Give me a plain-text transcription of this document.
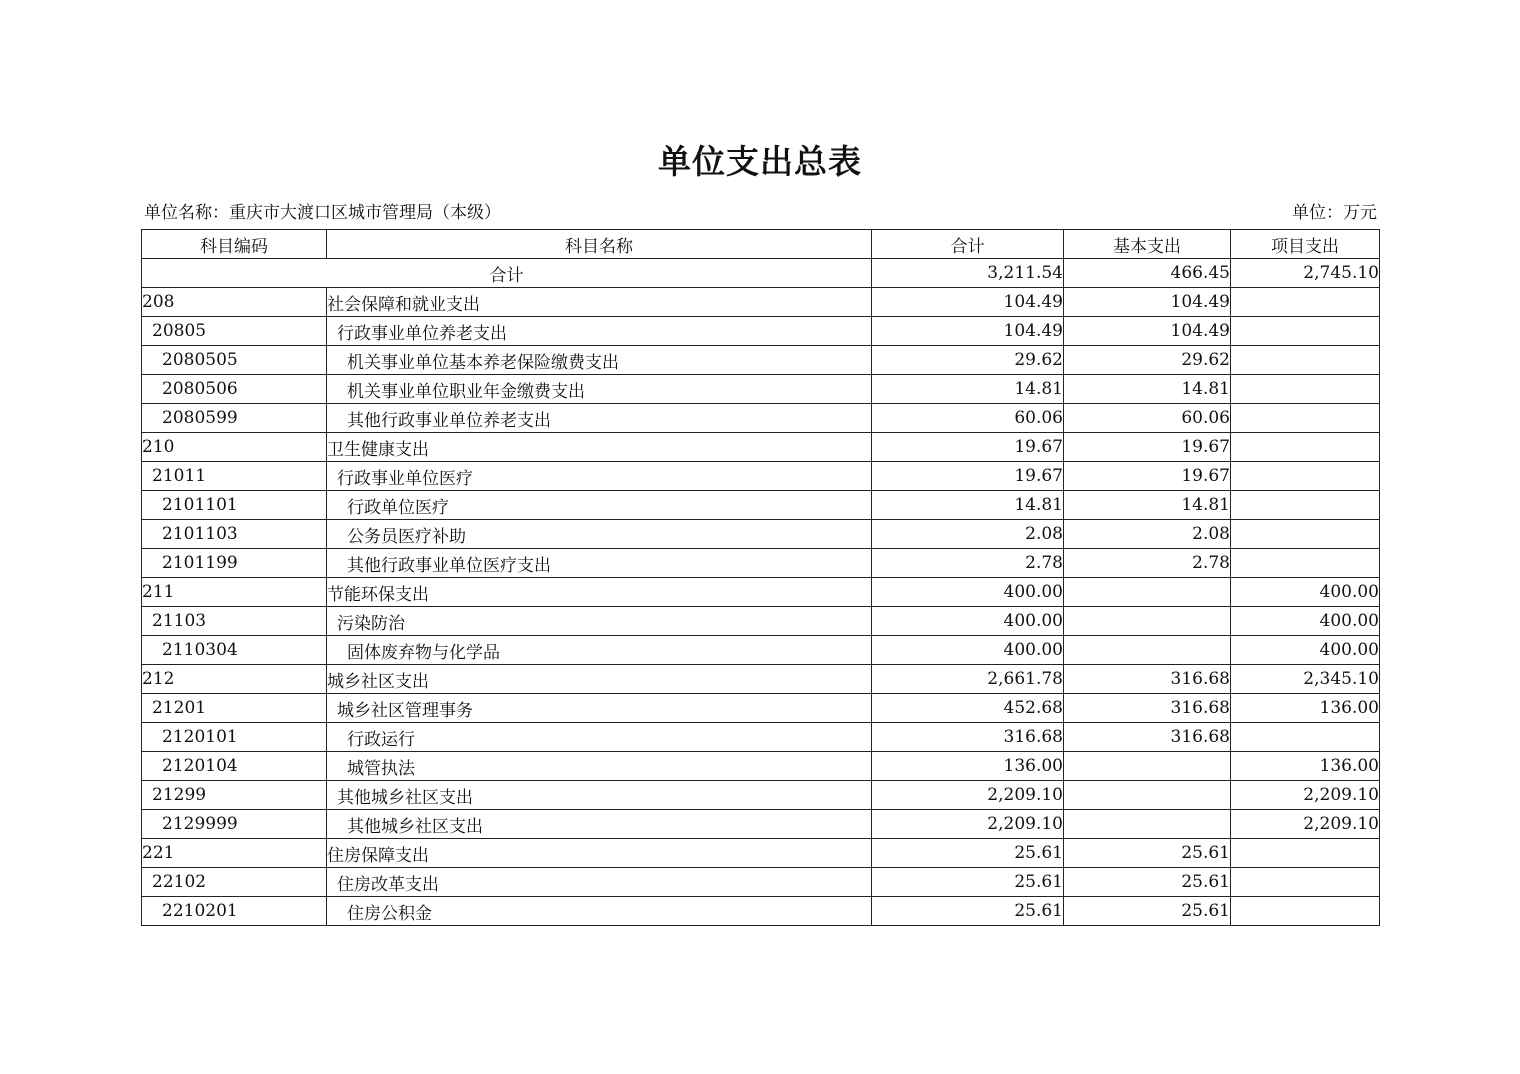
单位支出总表
单位名称：重庆市大渡口区城市管理局（本级）	单位：万元
科目编码	科目名称	合计	基本支出	项目支出
合计		3,211.54	466.45	2,745.10
208	社会保障和就业支出	104.49	104.49	
20805	行政事业单位养老支出	104.49	104.49	
2080505	机关事业单位基本养老保险缴费支出	29.62	29.62	
2080506	机关事业单位职业年金缴费支出	14.81	14.81	
2080599	其他行政事业单位养老支出	60.06	60.06	
210	卫生健康支出	19.67	19.67	
21011	行政事业单位医疗	19.67	19.67	
2101101	行政单位医疗	14.81	14.81	
2101103	公务员医疗补助	2.08	2.08	
2101199	其他行政事业单位医疗支出	2.78	2.78	
211	节能环保支出	400.00		400.00
21103	污染防治	400.00		400.00
2110304	固体废弃物与化学品	400.00		400.00
212	城乡社区支出	2,661.78	316.68	2,345.10
21201	城乡社区管理事务	452.68	316.68	136.00
2120101	行政运行	316.68	316.68	
2120104	城管执法	136.00		136.00
21299	其他城乡社区支出	2,209.10		2,209.10
2129999	其他城乡社区支出	2,209.10		2,209.10
221	住房保障支出	25.61	25.61	
22102	住房改革支出	25.61	25.61	
2210201	住房公积金	25.61	25.61	
